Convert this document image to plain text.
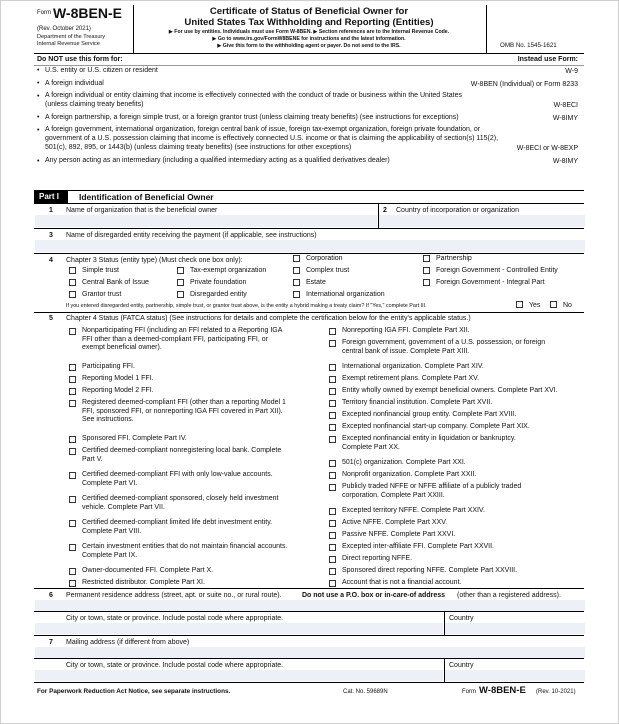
Form W-8BEN-E
(Rev. October 2021)
Department of the Treasury
Internal Revenue Service
Certificate of Status of Beneficial Owner for
United States Tax Withholding and Reporting (Entities)
▶ For use by entities. Individuals must use Form W-8BEN. ▶ Section references are to the Internal Revenue Code.
▶ Go to www.irs.gov/FormW8BENE for instructions and the latest information.
▶ Give this form to the withholding agent or payer. Do not send to the IRS.	OMB No. 1545-1621
Do NOT use this form for:	Instead use Form:
• U.S. entity or U.S. citizen or resident	W-9
• A foreign individual	W-8BEN (Individual) or Form 8233
• A foreign individual or entity claiming that income is effectively connected with the conduct of trade or business within the United States
(unless claiming treaty benefits)	W-8ECI
• A foreign partnership, a foreign simple trust, or a foreign grantor trust (unless claiming treaty benefits) (see instructions for exceptions)	W-8IMY
• A foreign government, international organization, foreign central bank of issue, foreign tax-exempt organization, foreign private foundation, or
government of a U.S. possession claiming that income is effectively connected U.S. income or that is claiming the applicability of section(s) 115(2),
501(c), 892, 895, or 1443(b) (unless claiming treaty benefits) (see instructions for other exceptions)	W-8ECI or W-8EXP
• Any person acting as an intermediary (including a qualified intermediary acting as a qualified derivatives dealer)	W-8IMY
Part I Identification of Beneficial Owner
1 Name of organization that is the beneficial owner	2 Country of incorporation or organization
3 Name of disregarded entity receiving the payment (if applicable, see instructions)
4 Chapter 3 Status (entity type) (Must check one box only):
Simple trust
Central Bank of Issue
Grantor trust
Tax-exempt organization
Private foundation
Disregarded entity
Corporation
Complex trust
Estate
International organization
Partnership
Foreign Government - Controlled Entity
Foreign Government - Integral Part
If you entered disregarded entity, partnership, simple trust, or grantor trust above, is the entity a hybrid making a treaty claim? If "Yes," complete Part III.	Yes	No
5 Chapter 4 Status (FATCA status) (See instructions for details and complete the certification below for the entity's applicable status.)
Nonparticipating FFI (including an FFI related to a Reporting IGA
FFI other than a deemed-compliant FFI, participating FFI, or
exempt beneficial owner).
Participating FFI.
Reporting Model 1 FFI.
Reporting Model 2 FFI.
Registered deemed-compliant FFI (other than a reporting Model 1
FFI, sponsored FFI, or nonreporting IGA FFI covered in Part XII).
See instructions.
Sponsored FFI. Complete Part IV.
Certified deemed-compliant nonregistering local bank. Complete
Part V.
Certified deemed-compliant FFI with only low-value accounts.
Complete Part VI.
Certified deemed-compliant sponsored, closely held investment
vehicle. Complete Part VII.
Certified deemed-compliant limited life debt investment entity.
Complete Part VIII.
Certain investment entities that do not maintain financial accounts.
Complete Part IX.
Owner-documented FFI. Complete Part X.
Restricted distributor. Complete Part XI.
Nonreporting IGA FFI. Complete Part XII.
Foreign government, government of a U.S. possession, or foreign
central bank of issue. Complete Part XIII.
International organization. Complete Part XIV.
Exempt retirement plans. Complete Part XV.
Entity wholly owned by exempt beneficial owners. Complete Part XVI.
Territory financial institution. Complete Part XVII.
Excepted nonfinancial group entity. Complete Part XVIII.
Excepted nonfinancial start-up company. Complete Part XIX.
Excepted nonfinancial entity in liquidation or bankruptcy.
Complete Part XX.
501(c) organization. Complete Part XXI.
Nonprofit organization. Complete Part XXII.
Publicly traded NFFE or NFFE affiliate of a publicly traded
corporation. Complete Part XXIII.
Excepted territory NFFE. Complete Part XXIV.
Active NFFE. Complete Part XXV.
Passive NFFE. Complete Part XXVI.
Excepted inter-affiliate FFI. Complete Part XXVII.
Direct reporting NFFE.
Sponsored direct reporting NFFE. Complete Part XXVIII.
Account that is not a financial account.
6 Permanent residence address (street, apt. or suite no., or rural route).	Do not use a P.O. box or in-care-of address (other than a registered address).
City or town, state or province. Include postal code where appropriate.	Country
7 Mailing address (if different from above)
City or town, state or province. Include postal code where appropriate.	Country
For Paperwork Reduction Act Notice, see separate instructions.	Cat. No. 59689N	Form W-8BEN-E (Rev. 10-2021)
